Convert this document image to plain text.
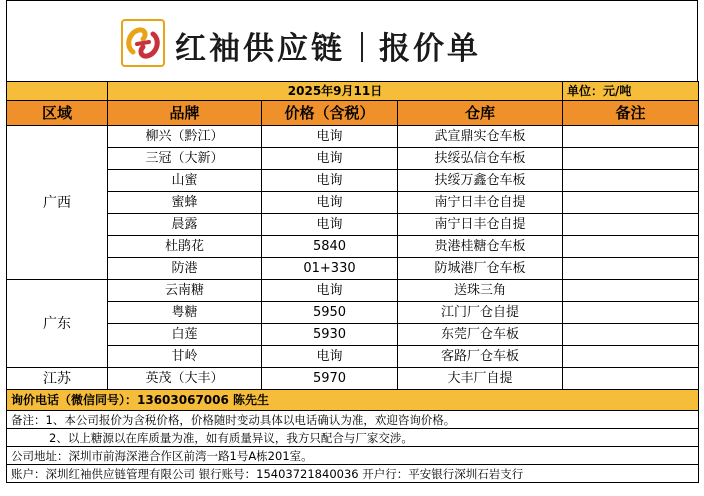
红袖供应链 报价单
	2025年9月11日			单位：元/吨
区域	品牌	价格（含税）	仓库	备注
广西	柳兴（黔江）	电询	武宣鼎实仓车板	
	三冠（大新）	电询	扶绥弘信仓车板	
	山蜜	电询	扶绥万鑫仓车板	
	蜜蜂	电询	南宁日丰仓自提	
	晨露	电询	南宁日丰仓自提	
	杜鹃花	5840	贵港桂糖仓车板	
	防港	01+330	防城港厂仓车板	
广东	云南糖	电询	送珠三角	
	粤糖	5950	江门厂仓自提	
	白莲	5930	东莞厂仓车板	
	甘岭	电询	客路厂仓车板	
江苏	英茂（大丰）	5970	大丰厂自提	
询价电话（微信同号）：13603067006 陈先生				
备注：1、本公司报价为含税价格，价格随时变动具体以电话确认为准，欢迎咨询价格。				
2、以上糖源以在库质量为准，如有质量异议，我方只配合与厂家交涉。				
公司地址：深圳市前海深港合作区前湾一路1号A栋201室。				
账户：深圳红袖供应链管理有限公司 银行账号：15403721840036 开户行：平安银行深圳石岩支行				
